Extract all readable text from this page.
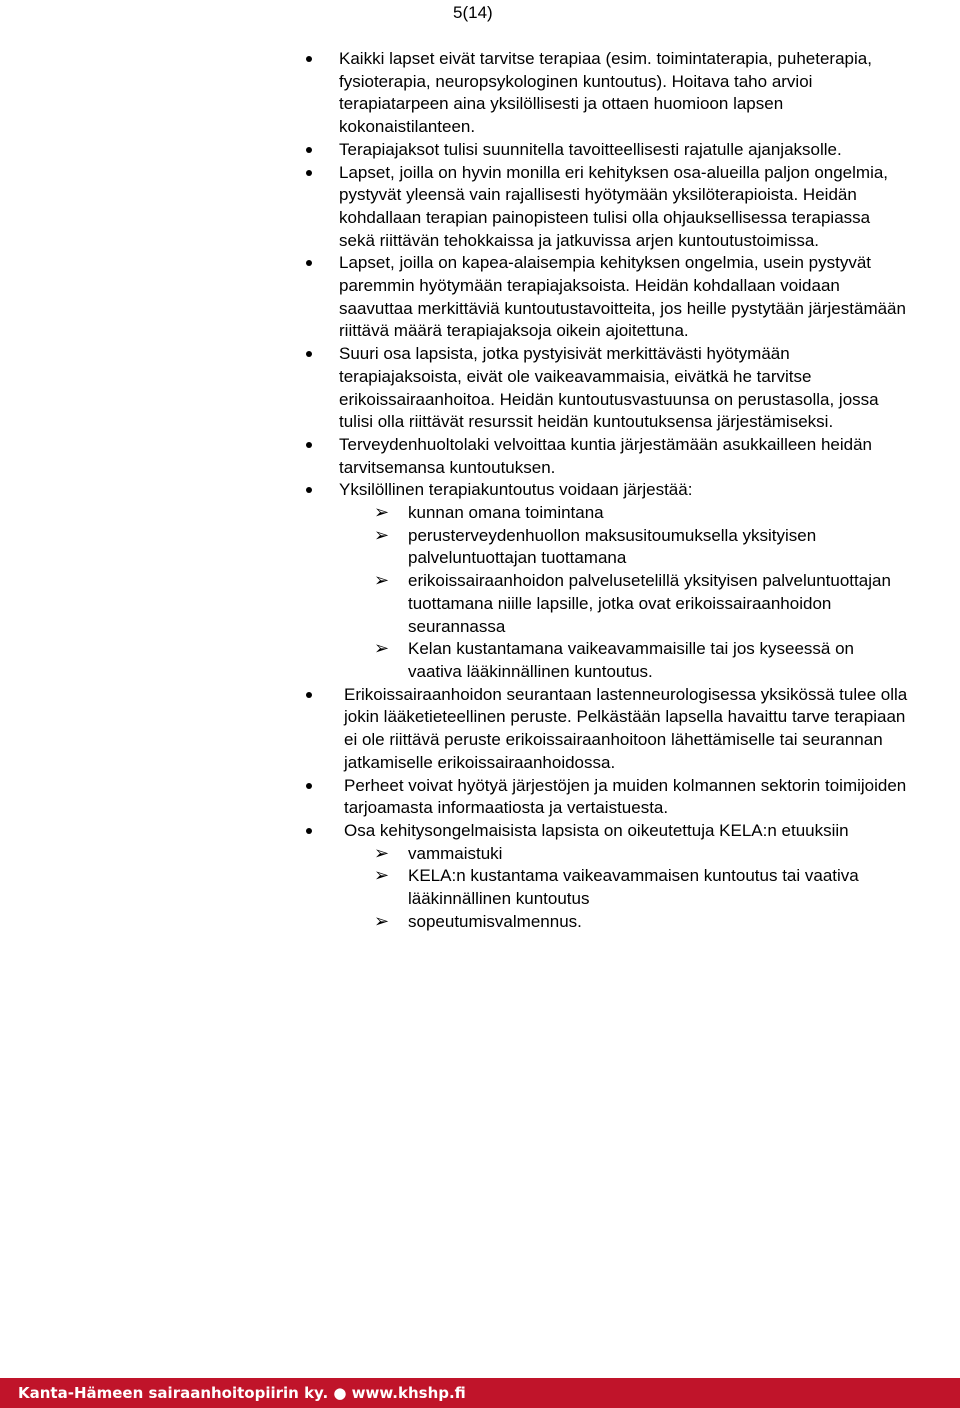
5(14)
Kaikki lapset eivät tarvitse terapiaa (esim. toimintaterapia, puheterapia, fysioterapia, neuropsykologinen kuntoutus). Hoitava taho arvioi terapiatarpeen aina yksilöllisesti ja ottaen huomioon lapsen kokonaistilanteen.
Terapiajaksot tulisi suunnitella tavoitteellisesti rajatulle ajanjaksolle.
Lapset, joilla on hyvin monilla eri kehityksen osa-alueilla paljon ongelmia, pystyvät yleensä vain rajallisesti hyötymään yksilöterapioista. Heidän kohdallaan terapian painopisteen tulisi olla ohjauksellisessa terapiassa sekä riittävän tehokkaissa ja jatkuvissa arjen kuntoutustoimissa.
Lapset, joilla on kapea-alaisempia kehityksen ongelmia, usein pystyvät paremmin hyötymään terapiajaksoista. Heidän kohdallaan voidaan saavuttaa merkittäviä kuntoutustavoitteita, jos heille pystytään järjestämään riittävä määrä terapiajaksoja oikein ajoitettuna.
Suuri osa lapsista, jotka pystyisivät merkittävästi hyötymään terapiajaksoista, eivät ole vaikeavammaisia, eivätkä he tarvitse erikoissairaanhoitoa. Heidän kuntoutusvastuunsa on perustasolla, jossa tulisi olla riittävät resurssit heidän kuntoutuksensa järjestämiseksi.
Terveydenhuoltolaki velvoittaa kuntia järjestämään asukkailleen heidän tarvitsemansa kuntoutuksen.
Yksilöllinen terapiakuntoutus voidaan järjestää:
➢ kunnan omana toimintana
➢ perusterveydenhuollon maksusitoumuksella yksityisen palveluntuottajan tuottamana
➢ erikoissairaanhoidon palvelusetelillä yksityisen palveluntuottajan tuottamana niille lapsille, jotka ovat erikoissairaanhoidon seurannassa
➢ Kelan kustantamana vaikeavammaisille tai jos kyseessä on vaativa lääkinnällinen kuntoutus.
Erikoissairaanhoidon seurantaan lastenneurologisessa yksikössä tulee olla jokin lääketieteellinen peruste. Pelkästään lapsella havaittu tarve terapiaan ei ole riittävä peruste erikoissairaanhoitoon lähettämiselle tai seurannan jatkamiselle erikoissairaanhoidossa.
Perheet voivat hyötyä järjestöjen ja muiden kolmannen sektorin toimijoiden tarjoamasta informaatiosta ja vertaistuesta.
Osa kehitysongelmaisista lapsista on oikeutettuja KELA:n etuuksiin
➢ vammaistuki
➢ KELA:n kustantama vaikeavammaisen kuntoutus tai vaativa lääkinnällinen kuntoutus
➢ sopeutumisvalmennus.
Kanta-Hämeen sairaanhoitopiirin ky. ● www.khshp.fi
